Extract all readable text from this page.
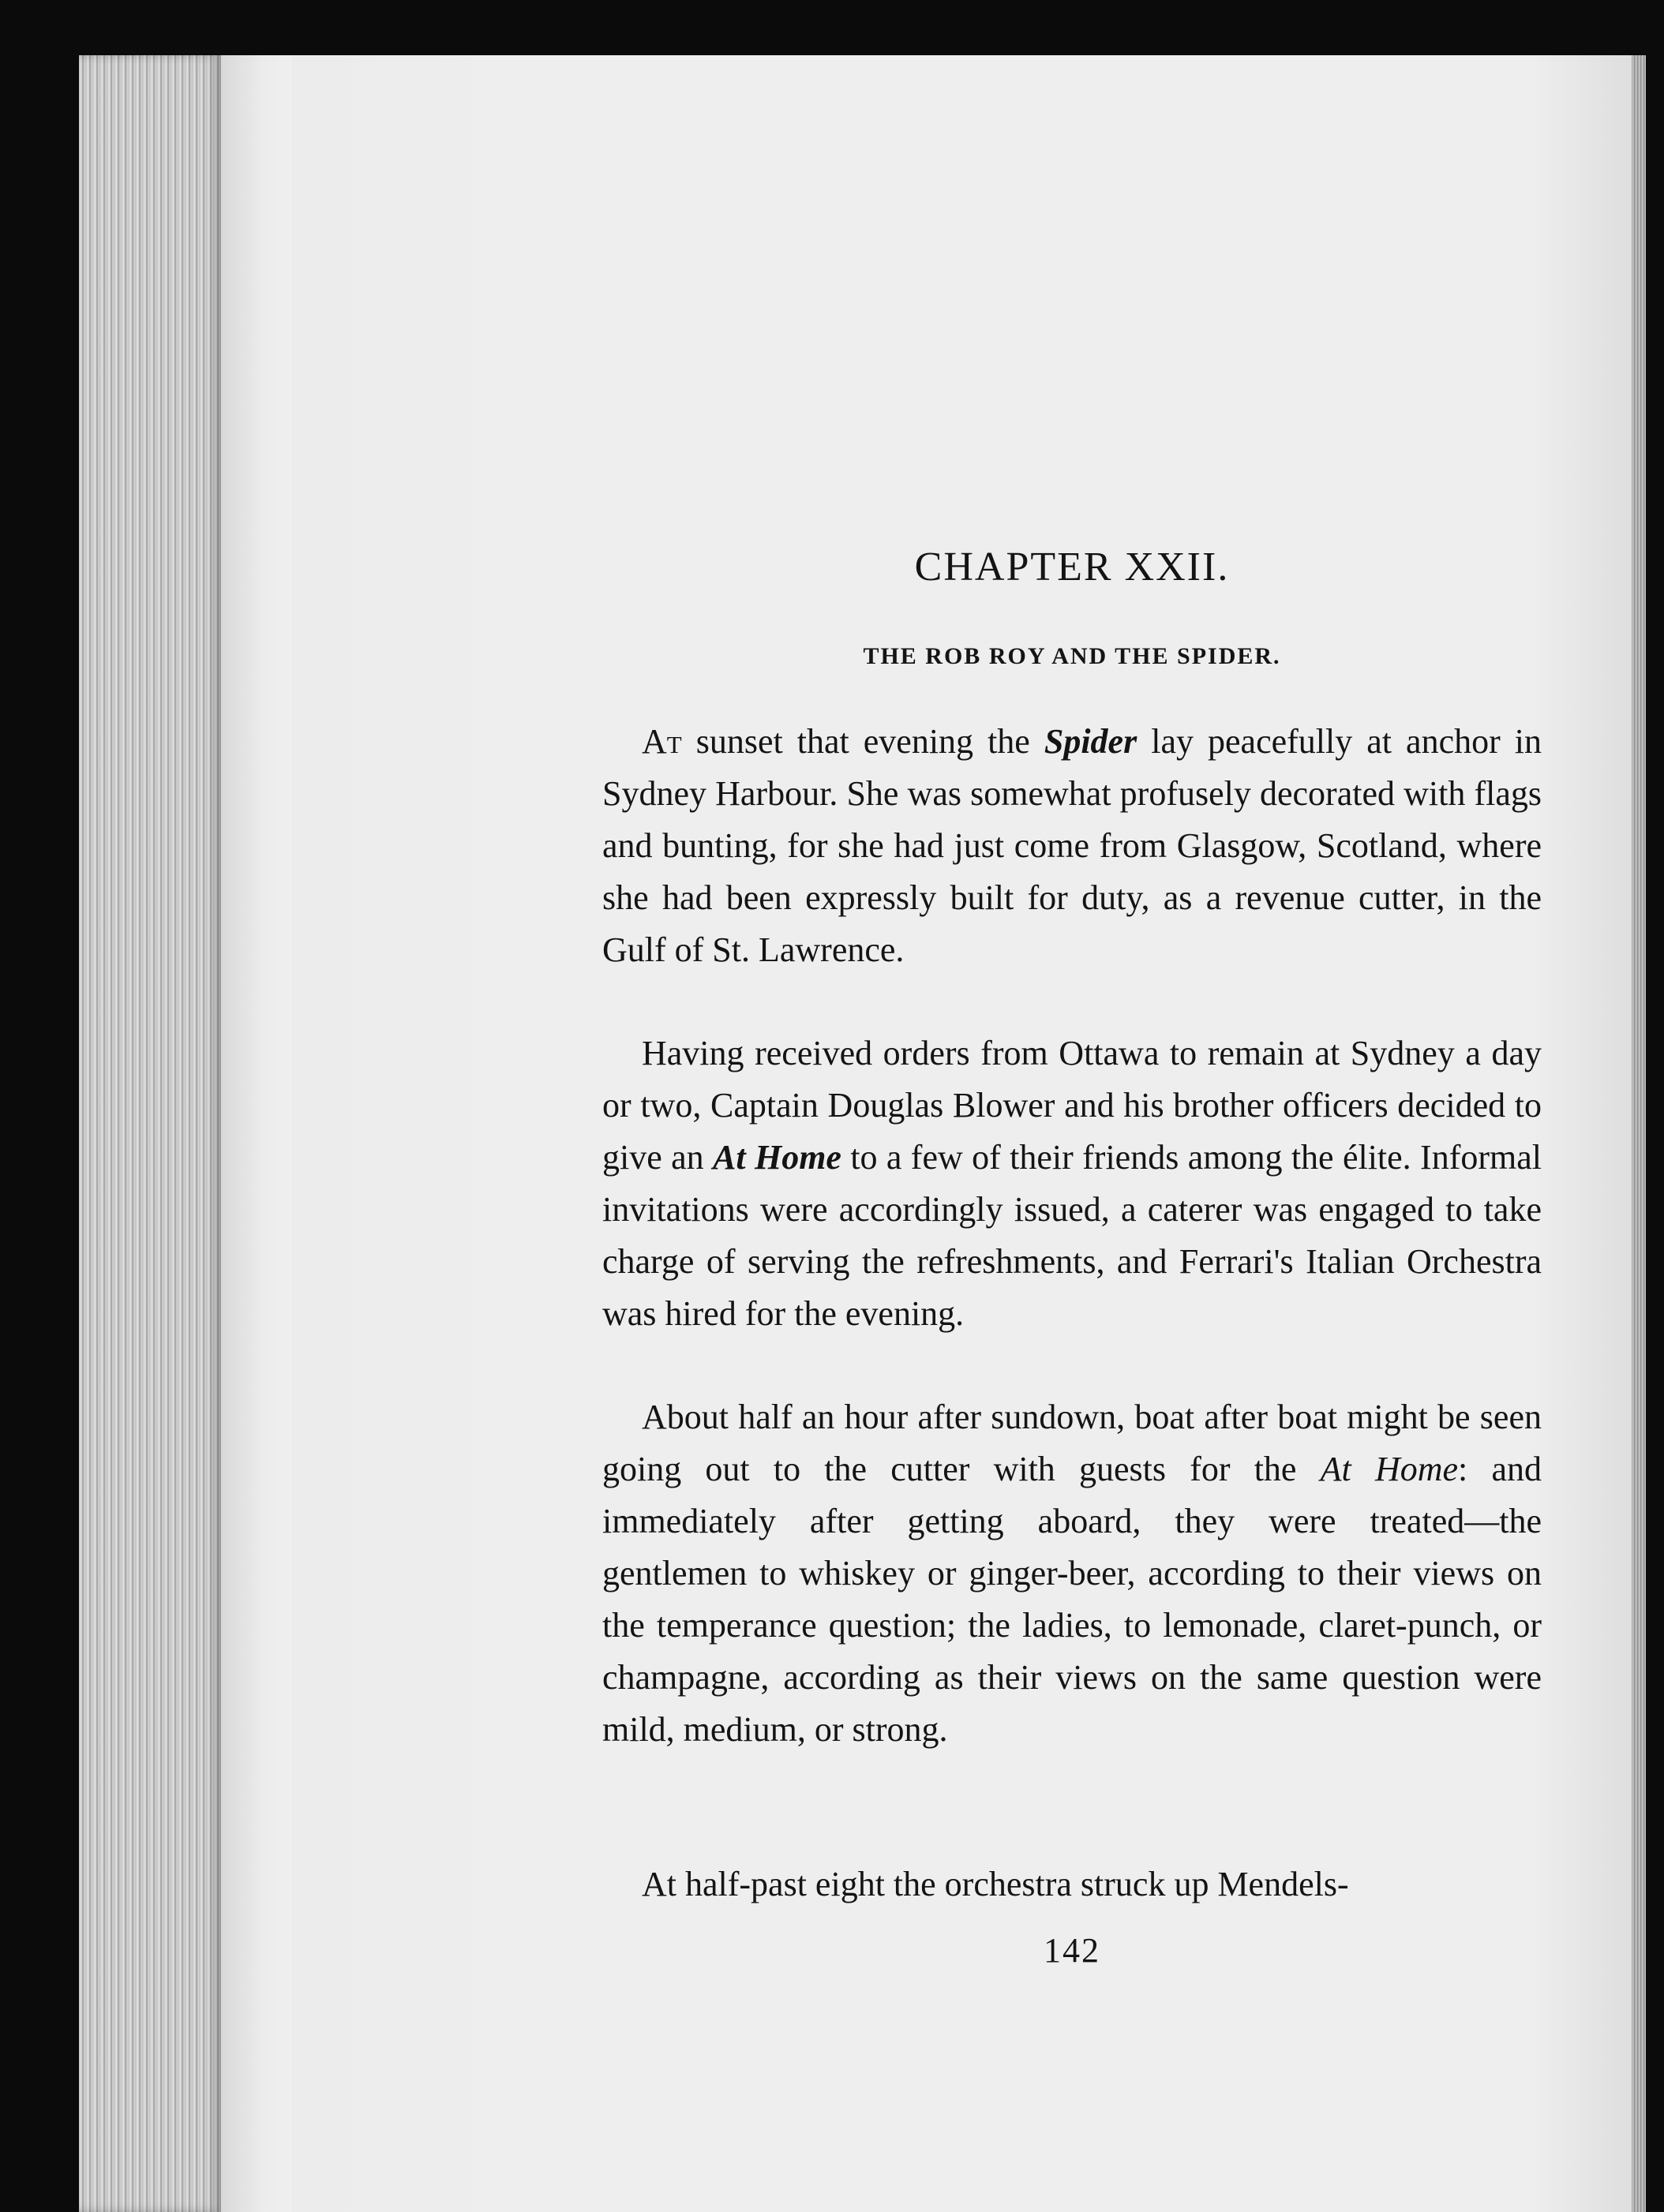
CHAPTER XXII.
THE ROB ROY AND THE SPIDER.

At sunset that evening the Spider lay peacefully at anchor in Sydney Harbour. She was somewhat profusely decorated with flags and bunting, for she had just come from Glasgow, Scotland, where she had been expressly built for duty, as a revenue cutter, in the Gulf of St. Lawrence.

Having received orders from Ottawa to remain at Sydney a day or two, Captain Douglas Blower and his brother officers decided to give an At Home to a few of their friends among the élite. Informal invitations were accordingly issued, a caterer was engaged to take charge of serving the refreshments, and Ferrari's Italian Orchestra was hired for the evening.

About half an hour after sundown, boat after boat might be seen going out to the cutter with guests for the At Home: and immediately after getting aboard, they were treated—the gentlemen to whiskey or ginger-beer, according to their views on the temperance question; the ladies, to lemonade, claret-punch, or champagne, according as their views on the same question were mild, medium, or strong.

At half-past eight the orchestra struck up Mendels-

142
